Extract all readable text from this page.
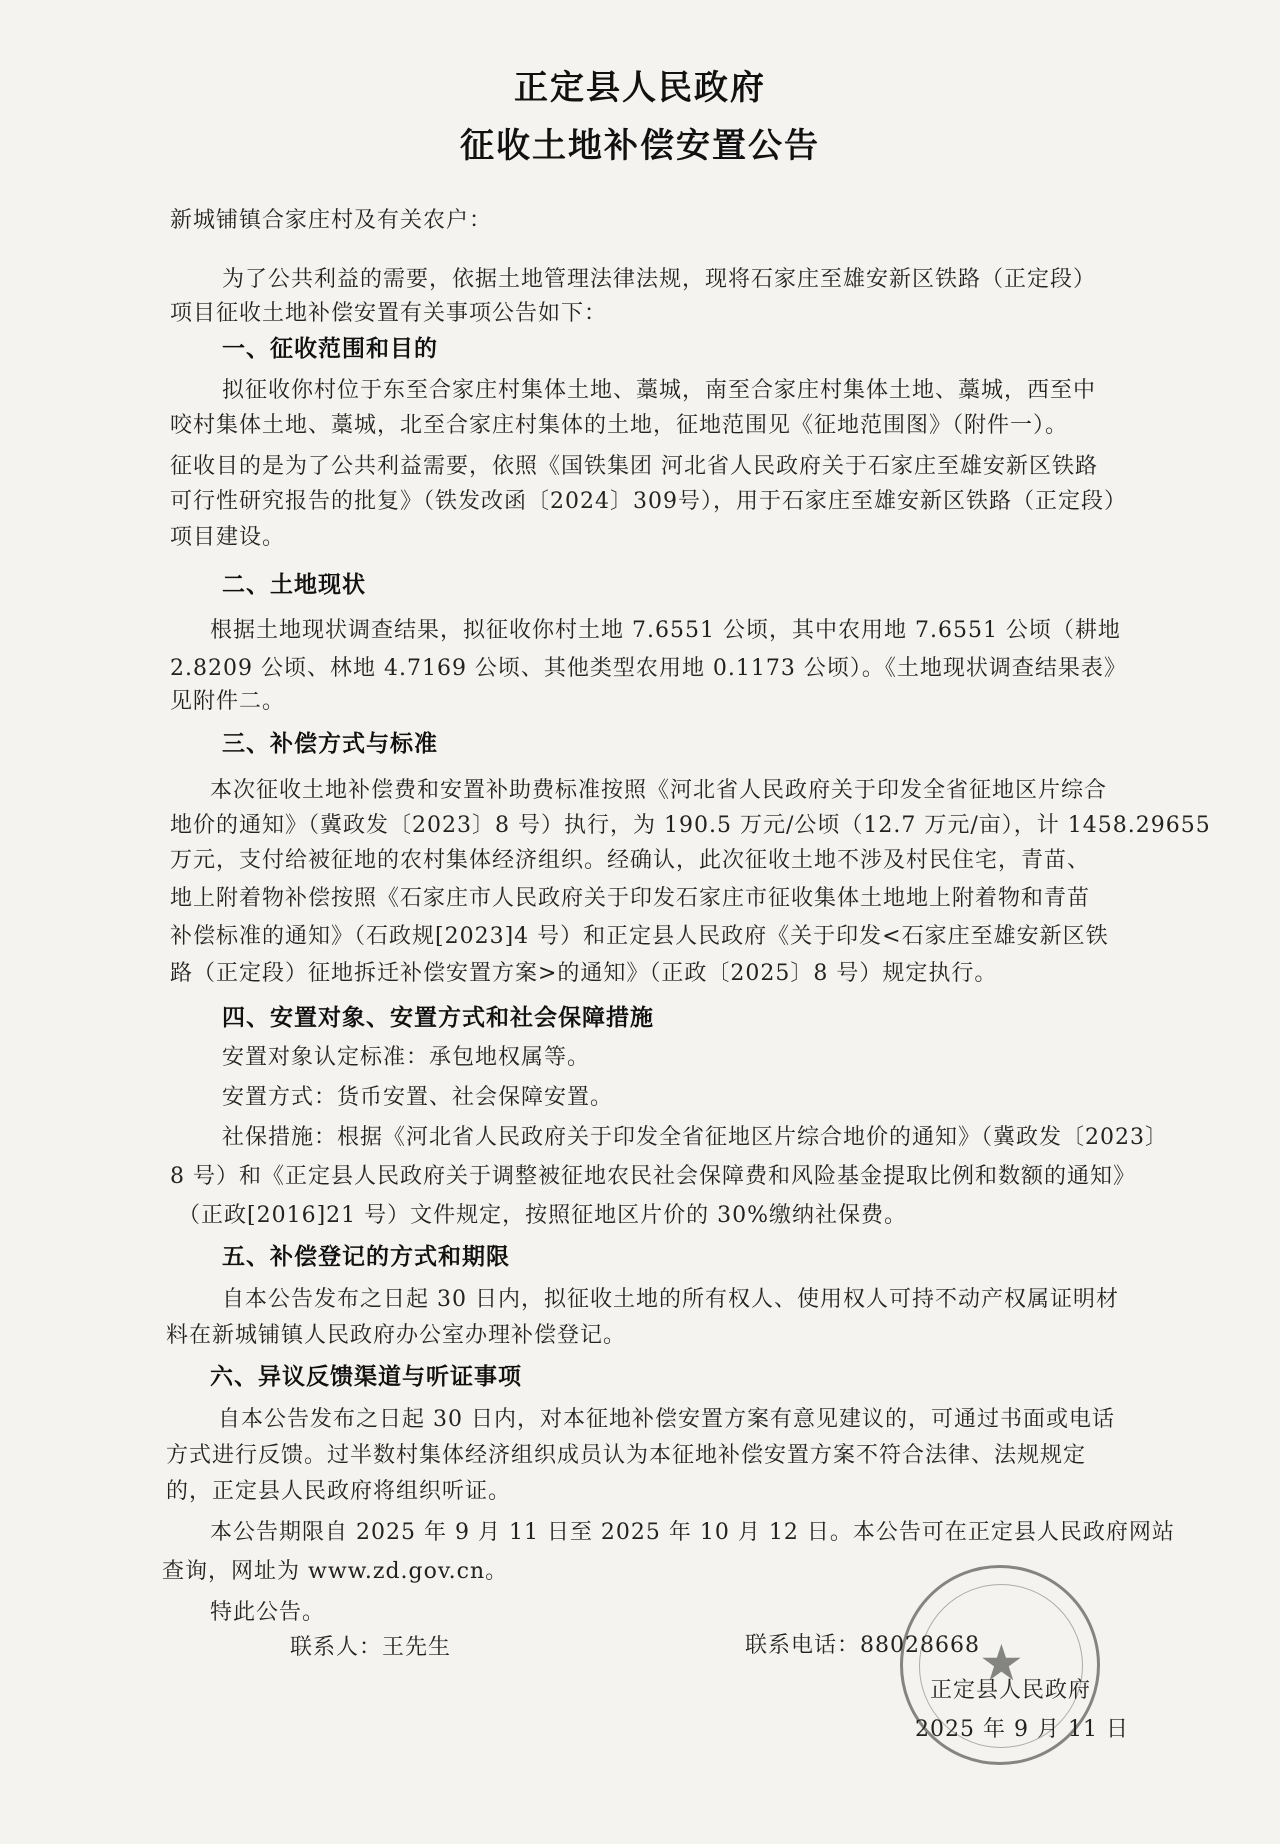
正定县人民政府
征收土地补偿安置公告
新城铺镇合家庄村及有关农户：
为了公共利益的需要，依据土地管理法律法规，现将石家庄至雄安新区铁路（正定段）
项目征收土地补偿安置有关事项公告如下：
一、征收范围和目的
拟征收你村位于东至合家庄村集体土地、藁城，南至合家庄村集体土地、藁城，西至中
咬村集体土地、藁城，北至合家庄村集体的土地，征地范围见《征地范围图》（附件一）。
征收目的是为了公共利益需要，依照《国铁集团 河北省人民政府关于石家庄至雄安新区铁路
可行性研究报告的批复》（铁发改函〔2024〕309号），用于石家庄至雄安新区铁路（正定段）
项目建设。
二、土地现状
根据土地现状调查结果，拟征收你村土地 7.6551 公顷，其中农用地 7.6551 公顷（耕地
2.8209 公顷、林地 4.7169 公顷、其他类型农用地 0.1173 公顷）。《土地现状调查结果表》
见附件二。
三、补偿方式与标准
本次征收土地补偿费和安置补助费标准按照《河北省人民政府关于印发全省征地区片综合
地价的通知》（冀政发〔2023〕8 号）执行，为 190.5 万元/公顷（12.7 万元/亩），计 1458.29655
万元，支付给被征地的农村集体经济组织。经确认，此次征收土地不涉及村民住宅，青苗、
地上附着物补偿按照《石家庄市人民政府关于印发石家庄市征收集体土地地上附着物和青苗
补偿标准的通知》（石政规[2023]4 号）和正定县人民政府《关于印发<石家庄至雄安新区铁
路（正定段）征地拆迁补偿安置方案>的通知》（正政〔2025〕8 号）规定执行。
四、安置对象、安置方式和社会保障措施
安置对象认定标准：承包地权属等。
安置方式：货币安置、社会保障安置。
社保措施：根据《河北省人民政府关于印发全省征地区片综合地价的通知》（冀政发〔2023〕
8 号）和《正定县人民政府关于调整被征地农民社会保障费和风险基金提取比例和数额的通知》
（正政[2016]21 号）文件规定，按照征地区片价的 30%缴纳社保费。
五、补偿登记的方式和期限
自本公告发布之日起 30 日内，拟征收土地的所有权人、使用权人可持不动产权属证明材
料在新城铺镇人民政府办公室办理补偿登记。
六、异议反馈渠道与听证事项
自本公告发布之日起 30 日内，对本征地补偿安置方案有意见建议的，可通过书面或电话
方式进行反馈。过半数村集体经济组织成员认为本征地补偿安置方案不符合法律、法规规定
的，正定县人民政府将组织听证。
本公告期限自 2025 年 9 月 11 日至 2025 年 10 月 12 日。本公告可在正定县人民政府网站
查询，网址为 www.zd.gov.cn。
特此公告。
★
联系人：王先生	联系电话：88028668
正定县人民政府
2025 年 9 月 11 日
